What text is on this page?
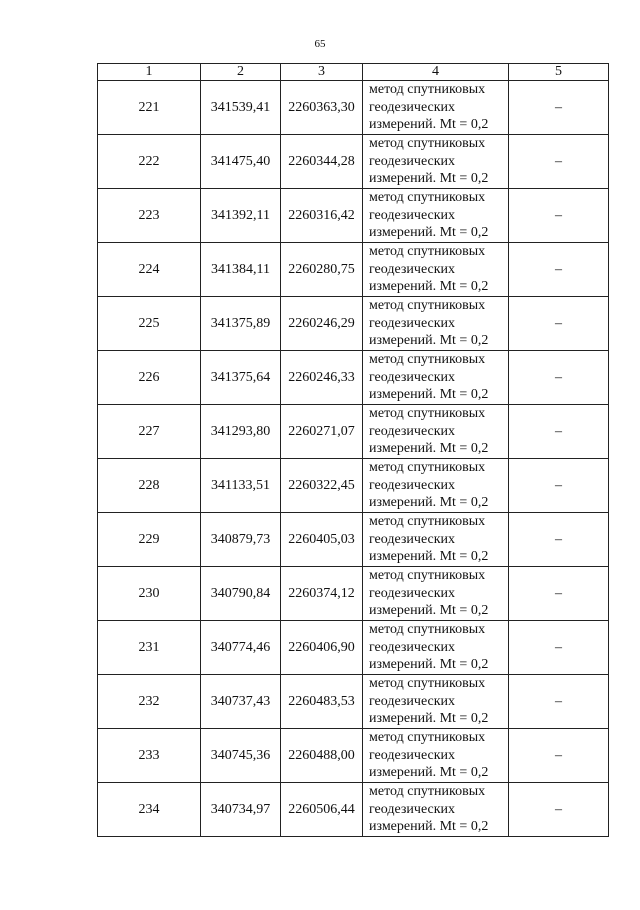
65
1	2	3	4	5
221	341539,41	2260363,30	метод спутниковых
геодезических
измерений. Mt = 0,2	–
222	341475,40	2260344,28	метод спутниковых
геодезических
измерений. Mt = 0,2	–
223	341392,11	2260316,42	метод спутниковых
геодезических
измерений. Mt = 0,2	–
224	341384,11	2260280,75	метод спутниковых
геодезических
измерений. Mt = 0,2	–
225	341375,89	2260246,29	метод спутниковых
геодезических
измерений. Mt = 0,2	–
226	341375,64	2260246,33	метод спутниковых
геодезических
измерений. Mt = 0,2	–
227	341293,80	2260271,07	метод спутниковых
геодезических
измерений. Mt = 0,2	–
228	341133,51	2260322,45	метод спутниковых
геодезических
измерений. Mt = 0,2	–
229	340879,73	2260405,03	метод спутниковых
геодезических
измерений. Mt = 0,2	–
230	340790,84	2260374,12	метод спутниковых
геодезических
измерений. Mt = 0,2	–
231	340774,46	2260406,90	метод спутниковых
геодезических
измерений. Mt = 0,2	–
232	340737,43	2260483,53	метод спутниковых
геодезических
измерений. Mt = 0,2	–
233	340745,36	2260488,00	метод спутниковых
геодезических
измерений. Mt = 0,2	–
234	340734,97	2260506,44	метод спутниковых
геодезических
измерений. Mt = 0,2	–
